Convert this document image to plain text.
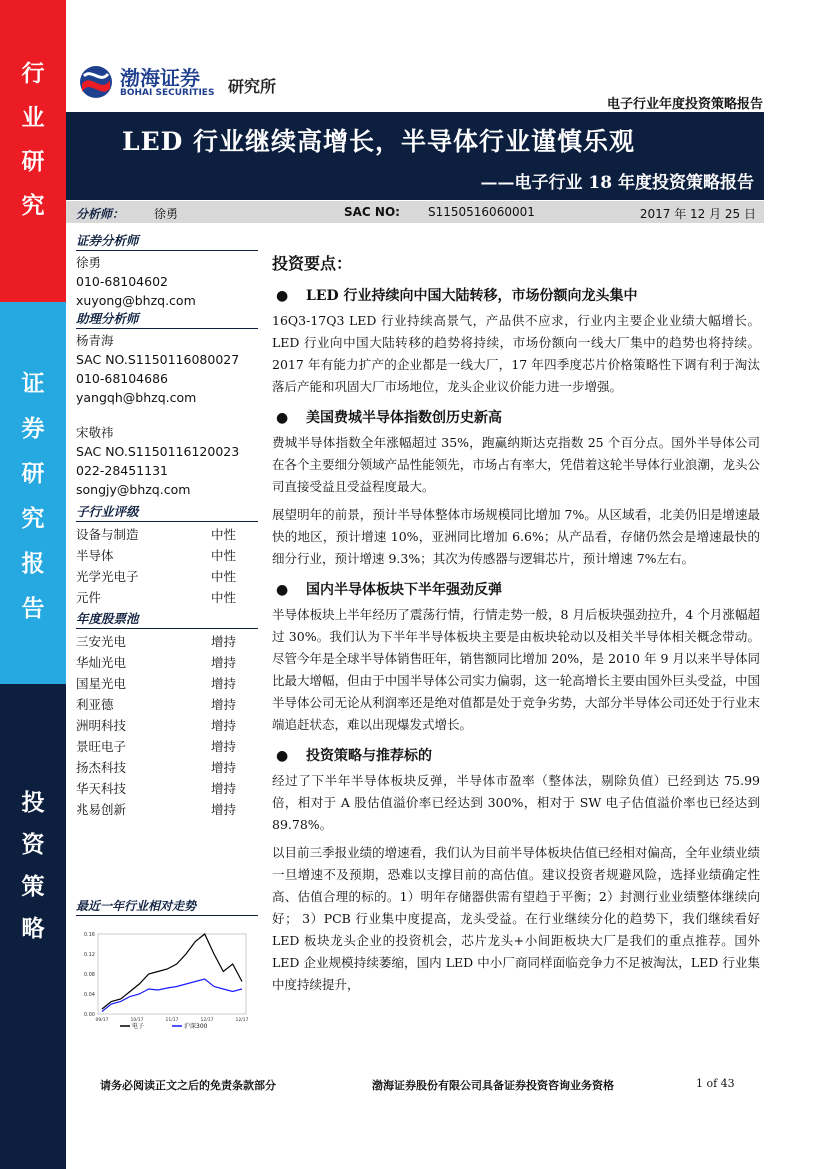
行
业
研
究
证
券
研
究
报
告
投
资
策
略
渤海证券
BOHAI SECURITIES 研究所
电子行业年度投资策略报告
LED 行业继续高增长，半导体行业谨慎乐观
——电子行业 18 年度投资策略报告
分析师： 徐勇	SAC NO: S1150516060001	2017 年 12 月 25 日
证券分析师
徐勇
010-68104602
xuyong@bhzq.com
助理分析师
杨青海
SAC NO.S1150116080027
010-68104686
yangqh@bhzq.com
宋敬祎
SAC NO.S1150116120023
022-28451131
songjy@bhzq.com
子行业评级
设备与制造	中性
半导体	中性
光学光电子	中性
元件	中性
年度股票池
三安光电	增持
华灿光电	增持
国星光电	增持
利亚德	增持
洲明科技	增持
景旺电子	增持
扬杰科技	增持
华天科技	增持
兆易创新	增持
最近一年行业相对走势
0.16
0.12
0.08
0.04
0.00
09/17	10/17	11/17	12/17	12/17
电子	沪深300
投资要点：
●	LED 行业持续向中国大陆转移，市场份额向龙头集中
16Q3-17Q3 LED 行业持续高景气，产品供不应求，行业内主要企业业绩大幅增长。LED 行业向中国大陆转移的趋势将持续，市场份额向一线大厂集中的趋势也将持续。2017 年有能力扩产的企业都是一线大厂，17 年四季度芯片价格策略性下调有利于淘汰落后产能和巩固大厂市场地位，龙头企业议价能力进一步增强。
●	美国费城半导体指数创历史新高
费城半导体指数全年涨幅超过 35%，跑赢纳斯达克指数 25 个百分点。国外半导体公司在各个主要细分领域产品性能领先，市场占有率大，凭借着这轮半导体行业浪潮，龙头公司直接受益且受益程度最大。
展望明年的前景，预计半导体整体市场规模同比增加 7%。从区域看，北美仍旧是增速最快的地区，预计增速 10%，亚洲同比增加 6.6%；从产品看，存储仍然会是增速最快的细分行业，预计增速 9.3%；其次为传感器与逻辑芯片，预计增速 7%左右。
●	国内半导体板块下半年强劲反弹
半导体板块上半年经历了震荡行情，行情走势一般，8 月后板块强劲拉升，4 个月涨幅超过 30%。我们认为下半年半导体板块主要是由板块轮动以及相关半导体相关概念带动。尽管今年是全球半导体销售旺年，销售额同比增加 20%，是 2010 年 9 月以来半导体同比最大增幅，但由于中国半导体公司实力偏弱，这一轮高增长主要由国外巨头受益，中国半导体公司无论从利润率还是绝对值都是处于竞争劣势，大部分半导体公司还处于行业末端追赶状态，难以出现爆发式增长。
●	投资策略与推荐标的
经过了下半年半导体板块反弹，半导体市盈率（整体法，剔除负值）已经到达 75.99 倍，相对于 A 股估值溢价率已经达到 300%，相对于 SW 电子估值溢价率也已经达到 89.78%。
以目前三季报业绩的增速看，我们认为目前半导体板块估值已经相对偏高，全年业绩业绩一旦增速不及预期，恐难以支撑目前的高估值。建议投资者规避风险，选择业绩确定性高、估值合理的标的。1）明年存储器供需有望趋于平衡；2）封测行业业绩整体继续向好； 3）PCB 行业集中度提高，龙头受益。在行业继续分化的趋势下，我们继续看好 LED 板块龙头企业的投资机会，芯片龙头+小间距板块大厂是我们的重点推荐。国外 LED 企业规模持续萎缩，国内 LED 中小厂商同样面临竞争力不足被淘汰，LED 行业集中度持续提升，
请务必阅读正文之后的免责条款部分	渤海证券股份有限公司具备证券投资咨询业务资格	1 of 43
